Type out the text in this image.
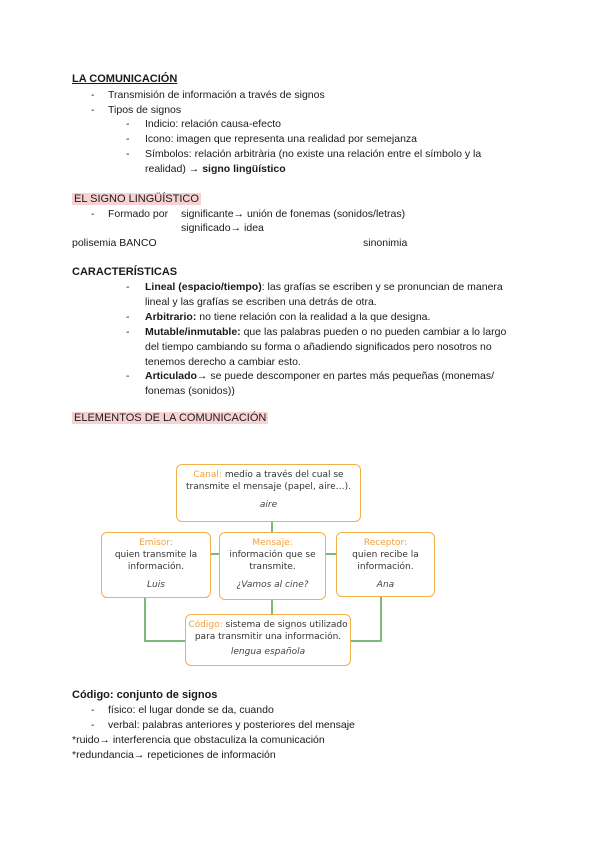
LA COMUNICACIÓN
- Transmisión de información a través de signos
- Tipos de signos
- Indicio: relación causa-efecto
- Icono: imagen que representa una realidad por semejanza
- Símbolos: relación arbitrària (no existe una relación entre el símbolo y la
realidad) → signo lingüístico
EL SIGNO LINGÜÍSTICO
- Formado por significante→ unión de fonemas (sonidos/letras)
significado→ idea
polisemia BANCO	sinonimia
CARACTERÍSTICAS
- Lineal (espacio/tiempo): las grafías se escriben y se pronuncian de manera
lineal y las grafías se escriben una detrás de otra.
- Arbitrario: no tiene relación con la realidad a la que designa.
- Mutable/inmutable: que las palabras pueden o no pueden cambiar a lo largo
del tiempo cambiando su forma o añadiendo significados pero nosotros no
tenemos derecho a cambiar esto.
- Articulado→ se puede descomponer en partes más pequeñas (monemas/
fonemas (sonidos))
ELEMENTOS DE LA COMUNICACIÓN
Canal: medio a través del cual se
transmite el mensaje (papel, aire…).
aire
Emisor:
quien transmite la
información.
Luis
Mensaje:
información que se
transmite.
¿Vamos al cine?
Receptor:
quien recibe la
información.
Ana
Código: sistema de signos utilizado
para transmitir una información.
lengua española
Código: conjunto de signos
- físico: el lugar donde se da, cuando
- verbal: palabras anteriores y posteriores del mensaje
*ruido→ interferencia que obstaculiza la comunicación
*redundancia→ repeticiones de información
